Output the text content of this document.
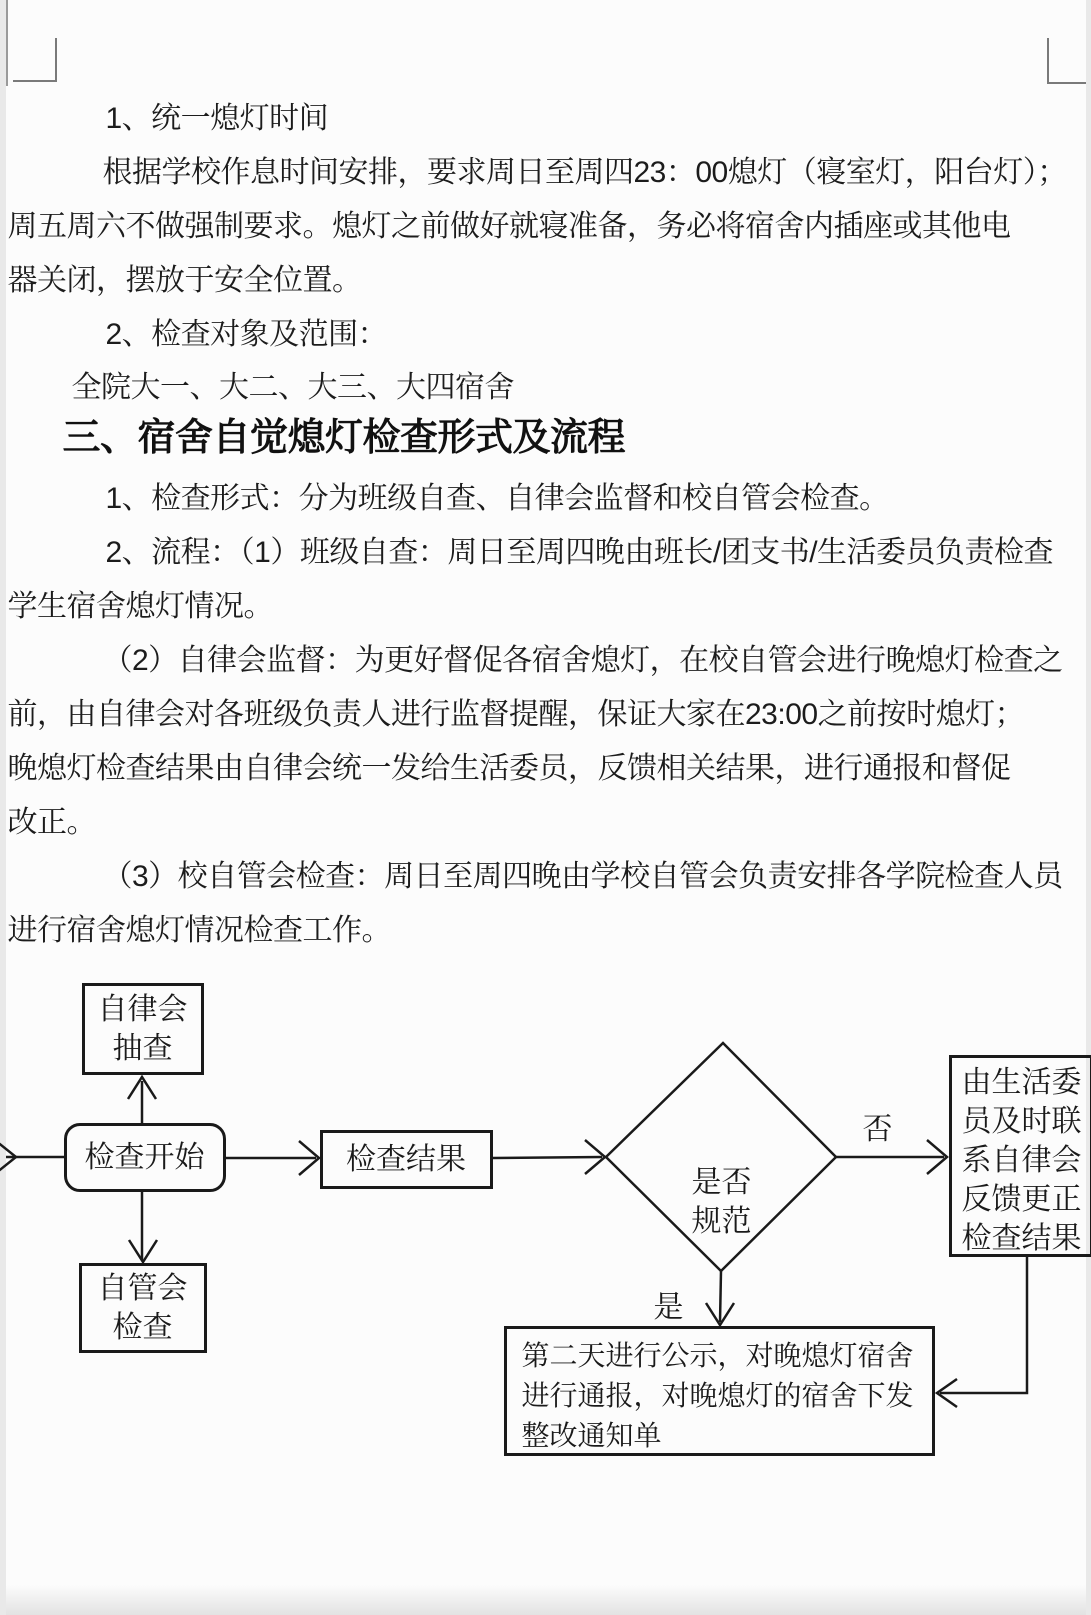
1、统一熄灯时间
根据学校作息时间安排，要求周日至周四23：00熄灯（寝室灯，阳台灯）；
周五周六不做强制要求。熄灯之前做好就寝准备，务必将宿舍内插座或其他电
器关闭，摆放于安全位置。
2、检查对象及范围：
全院大一、大二、大三、大四宿舍
三、宿舍自觉熄灯检查形式及流程
1、检查形式：分为班级自查、自律会监督和校自管会检查。
2、流程：（1）班级自查：周日至周四晚由班长/团支书/生活委员负责检查
学生宿舍熄灯情况。
（2）自律会监督：为更好督促各宿舍熄灯，在校自管会进行晚熄灯检查之
前，由自律会对各班级负责人进行监督提醒，保证大家在23:00之前按时熄灯；
晚熄灯检查结果由自律会统一发给生活委员，反馈相关结果，进行通报和督促
改正。
（3）校自管会检查：周日至周四晚由学校自管会负责安排各学院检查人员
进行宿舍熄灯情况检查工作。
自律会
抽查
检查开始
自管会
检查
检查结果
是否
规范
否
是
由生活委
员及时联
系自律会
反馈更正
检查结果
第二天进行公示，对晚熄灯宿舍
进行通报，对晚熄灯的宿舍下发
整改通知单
